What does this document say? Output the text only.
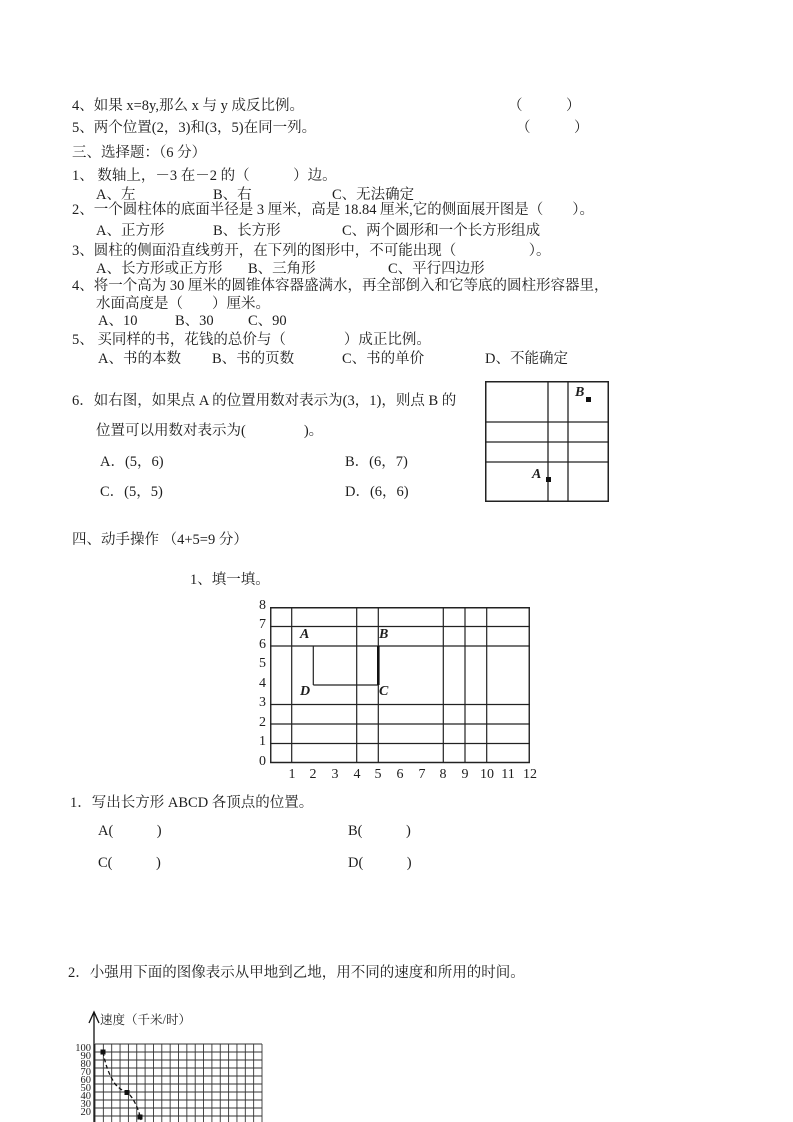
4、如果 x=8y,那么 x 与 y 成反比例。	（　　　）
5、两个位置(2，3)和(3，5)在同一列。	（　　　）
三、选择题：（6 分）
1、 数轴上，－3 在－2 的（　　　）边。
A、左	B、右	C、无法确定
2、一个圆柱体的底面半径是 3 厘米，高是 18.84 厘米,它的侧面展开图是（　　）。
A、正方形	B、长方形	C、两个圆形和一个长方形组成
3、圆柱的侧面沿直线剪开，在下列的图形中，不可能出现（　　　　　）。
A、长方形或正方形 B、三角形	C、平行四边形
4、将一个高为 30 厘米的圆锥体容器盛满水，再全部倒入和它等底的圆柱形容器里，
水面高度是（　　）厘米。
A、10	B、30 C、90
5、 买同样的书，花钱的总价与（　　　　）成正比例。
A、书的本数 B、书的页数	C、书的单价	D、不能确定
6．如右图，如果点 A 的位置用数对表示为(3，1)，则点 B 的
位置可以用数对表示为(　　　　)。
A．(5，6)	B．(6，7)
C．(5，5)	D．(6，6)
B
A
四、动手操作 （4+5=9 分）
1、填一填。
8
7
6
5
4
3
2
1
0
1	2	3	4	5	6	7	8	9 10 11 12
A	B
C
D
1．写出长方形 ABCD 各顶点的位置。
A(　　　)	B(　　　)
C(　　　)	D(　　　)
2．小强用下面的图像表示从甲地到乙地，用不同的速度和所用的时间。
速度（千米/时）
100
90
80
70
60
50
40
30
20
